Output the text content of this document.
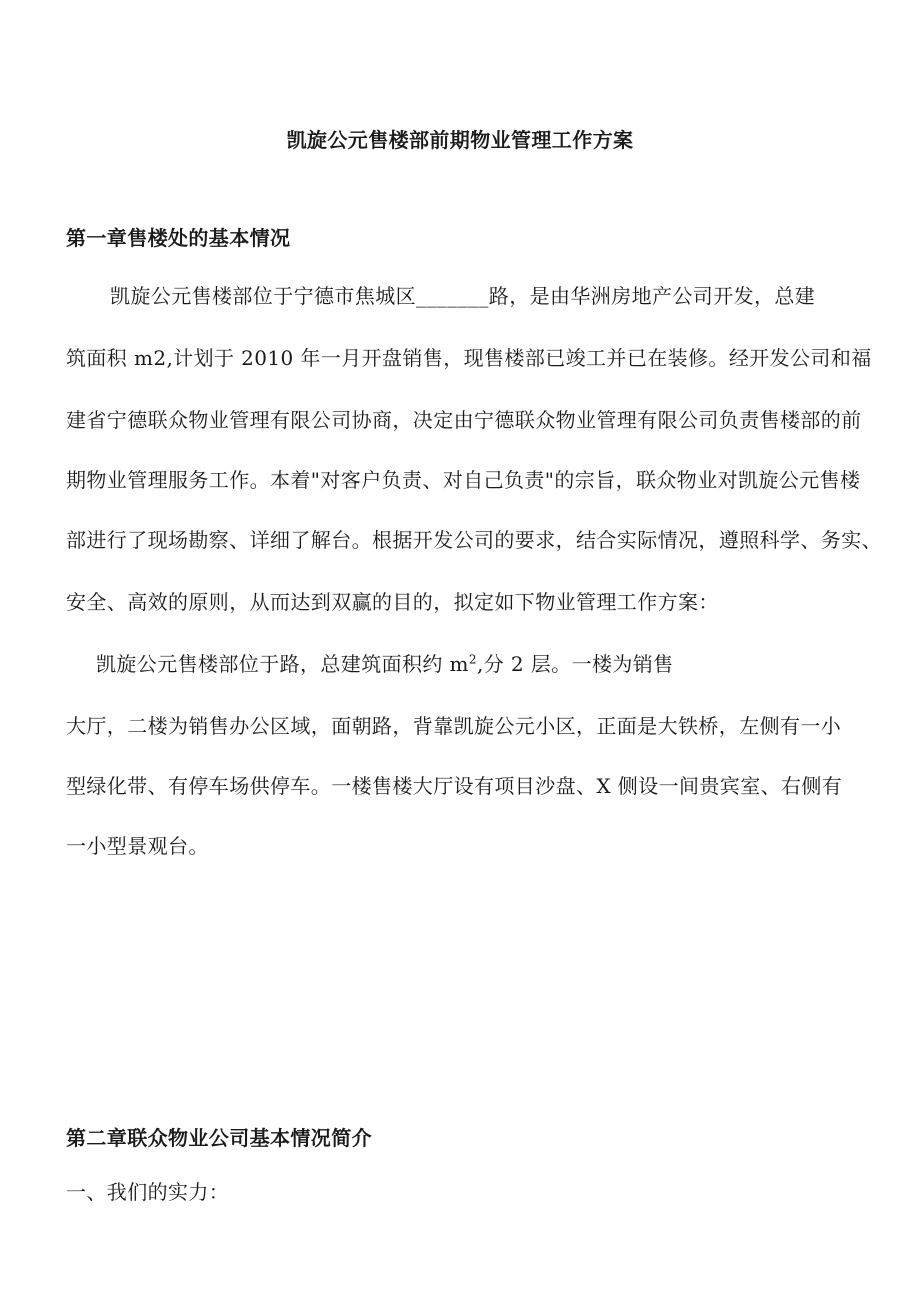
凯旋公元售楼部前期物业管理工作方案
第一章售楼处的基本情况

凯旋公元售楼部位于宁德市焦城区_______路，是由华洲房地产公司开发，总建

筑面积 m2,计划于 2010 年一月开盘销售，现售楼部已竣工并已在装修。经开发公司和福

建省宁德联众物业管理有限公司协商，决定由宁德联众物业管理有限公司负责售楼部的前

期物业管理服务工作。本着"对客户负责、对自己负责"的宗旨，联众物业对凯旋公元售楼

部进行了现场勘察、详细了解台。根据开发公司的要求，结合实际情况，遵照科学、务实、

安全、高效的原则，从而达到双赢的目的，拟定如下物业管理工作方案：

凯旋公元售楼部位于路，总建筑面积约 $m^2$,分 2 层。一楼为销售

大厅，二楼为销售办公区域，面朝路，背靠凯旋公元小区，正面是大铁桥，左侧有一小

型绿化带、有停车场供停车。一楼售楼大厅设有项目沙盘、X 侧设一间贵宾室、右侧有

一小型景观台。

第二章联众物业公司基本情况简介

一、我们的实力：
